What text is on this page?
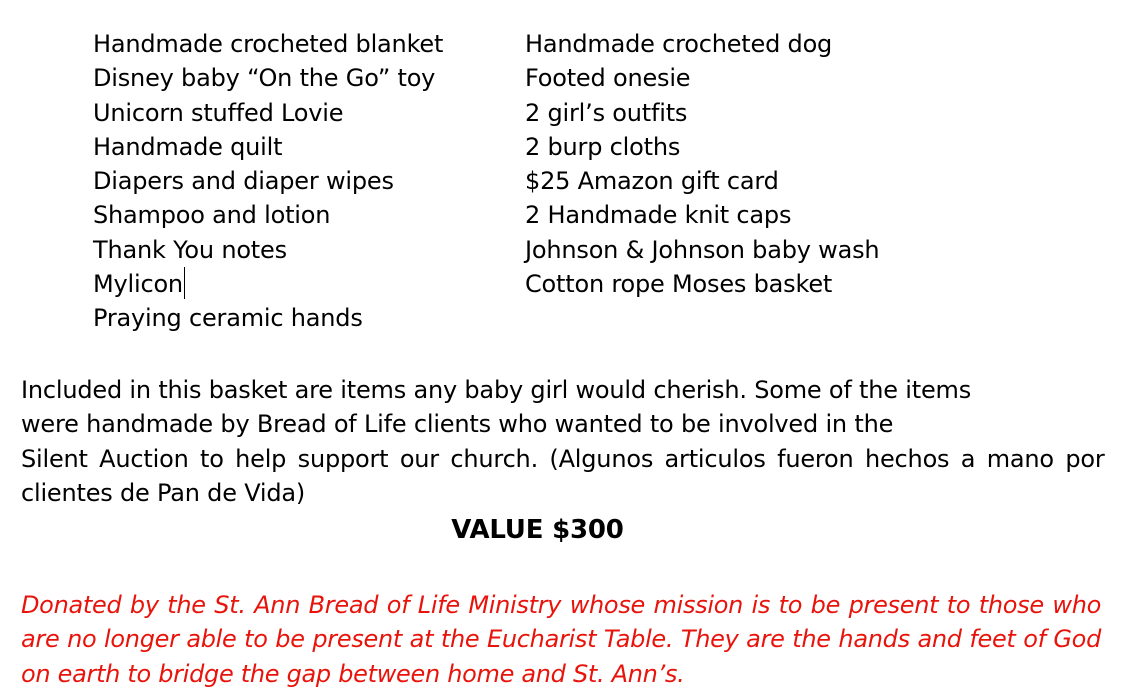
Handmade crocheted blanket
Disney baby “On the Go” toy
Unicorn stuffed Lovie
Handmade quilt
Diapers and diaper wipes
Shampoo and lotion
Thank You notes
Mylicon
Praying ceramic hands
Handmade crocheted dog
Footed onesie
2 girl’s outfits
2 burp cloths
$25 Amazon gift card
2 Handmade knit caps
Johnson & Johnson baby wash
Cotton rope Moses basket

Included in this basket are items any baby girl would cherish. Some of the items
were handmade by Bread of Life clients who wanted to be involved in the
Silent Auction to help support our church. (Algunos articulos fueron hechos a mano por
clientes de Pan de Vida)

VALUE $300

Donated by the St. Ann Bread of Life Ministry whose mission is to be present to those who
are no longer able to be present at the Eucharist Table. They are the hands and feet of God
on earth to bridge the gap between home and St. Ann’s.
